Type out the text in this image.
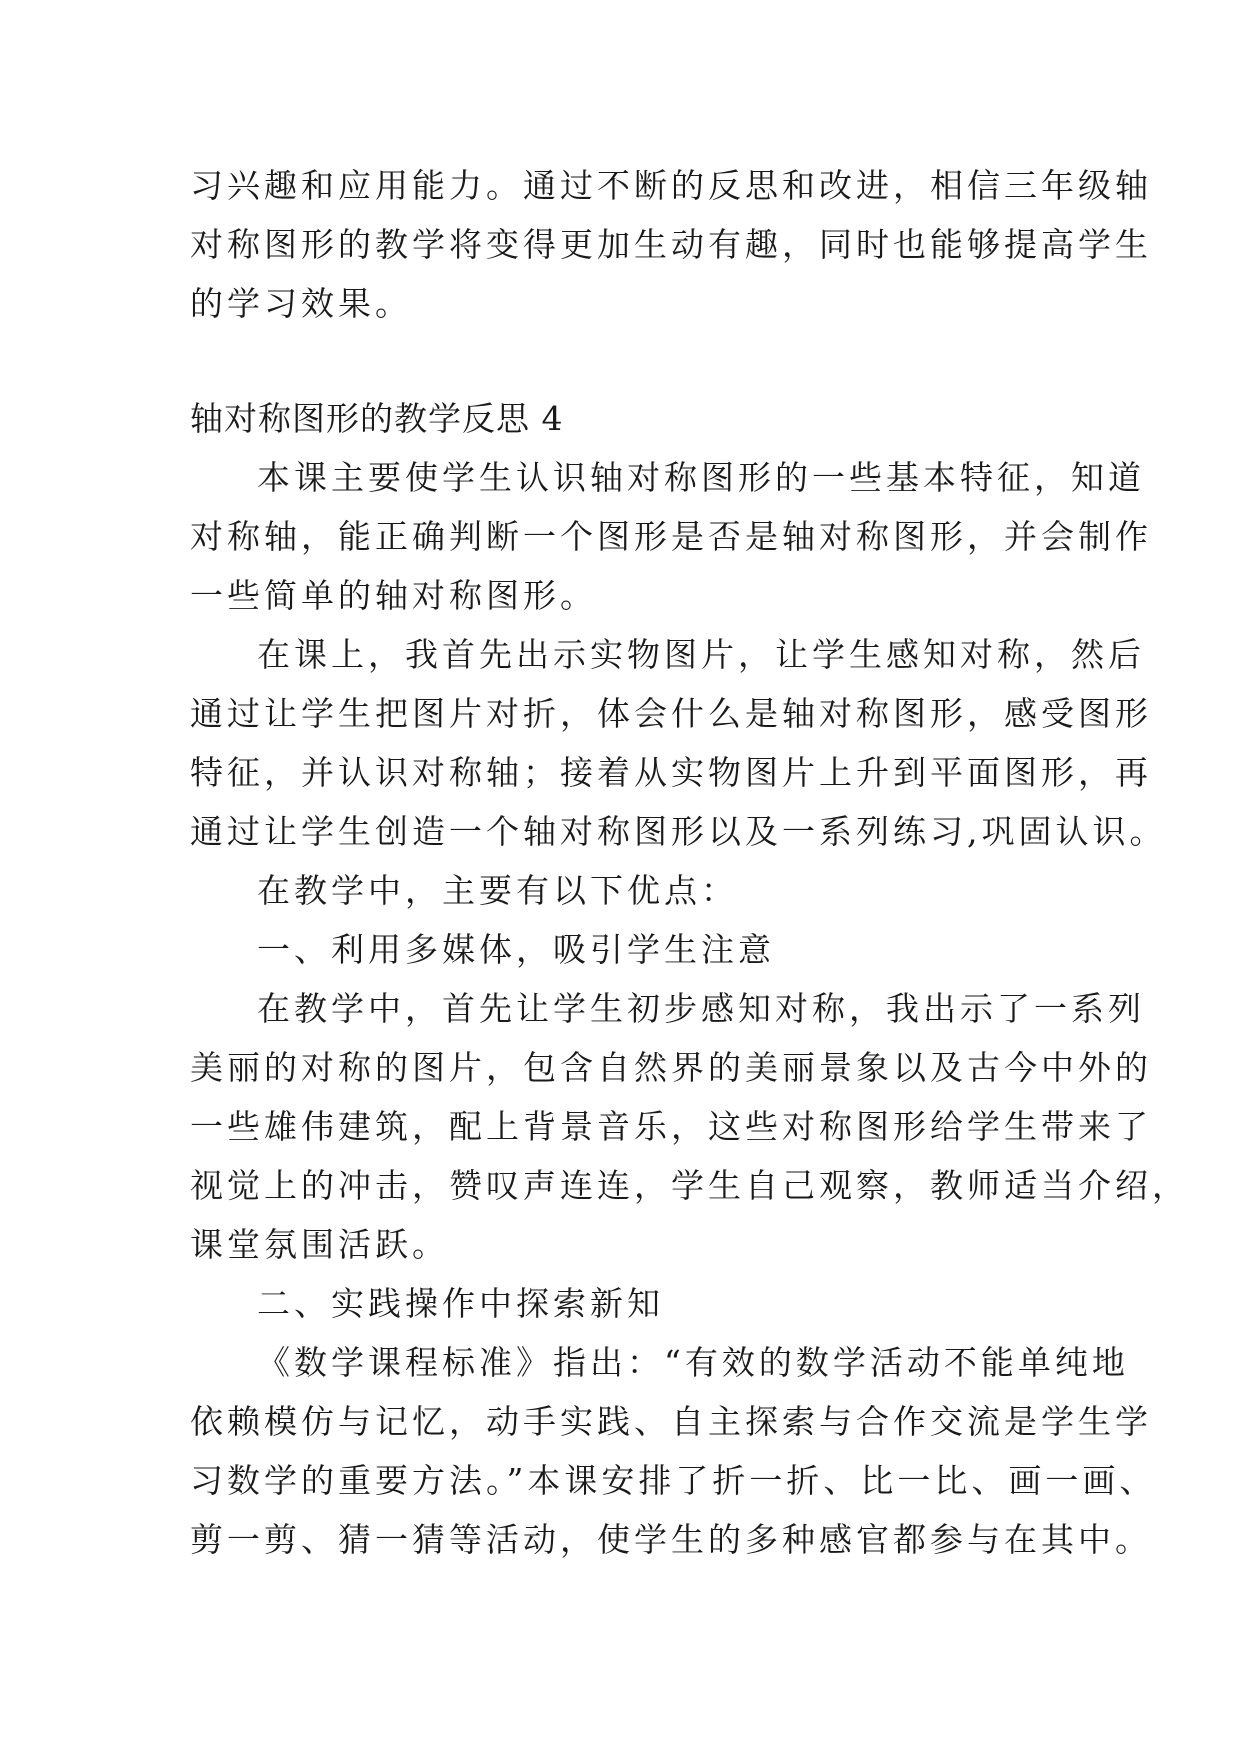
习兴趣和应用能力。通过不断的反思和改进，相信三年级轴
对称图形的教学将变得更加生动有趣，同时也能够提高学生
的学习效果。
轴对称图形的教学反思 4
本课主要使学生认识轴对称图形的一些基本特征，知道
对称轴，能正确判断一个图形是否是轴对称图形，并会制作
一些简单的轴对称图形。
在课上，我首先出示实物图片，让学生感知对称，然后
通过让学生把图片对折，体会什么是轴对称图形，感受图形
特征，并认识对称轴；接着从实物图片上升到平面图形，再
通过让学生创造一个轴对称图形以及一系列练习,巩固认识。
在教学中，主要有以下优点：
一、利用多媒体，吸引学生注意
在教学中，首先让学生初步感知对称，我出示了一系列
美丽的对称的图片，包含自然界的美丽景象以及古今中外的
一些雄伟建筑，配上背景音乐，这些对称图形给学生带来了
视觉上的冲击，赞叹声连连，学生自己观察，教师适当介绍，
课堂氛围活跃。
二、实践操作中探索新知
《数学课程标准》指出：“有效的数学活动不能单纯地
依赖模仿与记忆，动手实践、自主探索与合作交流是学生学
习数学的重要方法。”本课安排了折一折、比一比、画一画、
剪一剪、猜一猜等活动，使学生的多种感官都参与在其中。
